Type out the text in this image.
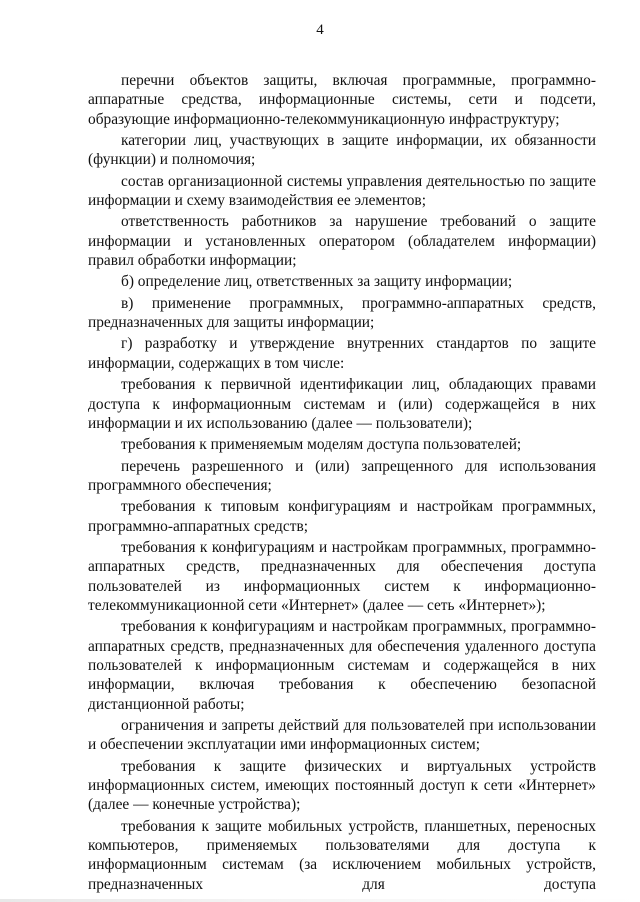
4

перечни объектов защиты, включая программные, программно-аппаратные средства, информационные системы, сети и подсети, образующие информационно-телекоммуникационную инфраструктуру;

категории лиц, участвующих в защите информации, их обязанности (функции) и полномочия;

состав организационной системы управления деятельностью по защите информации и схему взаимодействия ее элементов;

ответственность работников за нарушение требований о защите информации и установленных оператором (обладателем информации) правил обработки информации;

б) определение лиц, ответственных за защиту информации;

в) применение программных, программно-аппаратных средств, предназначенных для защиты информации;

г) разработку и утверждение внутренних стандартов по защите информации, содержащих в том числе:

требования к первичной идентификации лиц, обладающих правами доступа к информационным системам и (или) содержащейся в них информации и их использованию (далее — пользователи);

требования к применяемым моделям доступа пользователей;

перечень разрешенного и (или) запрещенного для использования программного обеспечения;

требования к типовым конфигурациям и настройкам программных, программно-аппаратных средств;

требования к конфигурациям и настройкам программных, программно-аппаратных средств, предназначенных для обеспечения доступа пользователей из информационных систем к информационно-телекоммуникационной сети «Интернет» (далее — сеть «Интернет»);

требования к конфигурациям и настройкам программных, программно-аппаратных средств, предназначенных для обеспечения удаленного доступа пользователей к информационным системам и содержащейся в них информации, включая требования к обеспечению безопасной дистанционной работы;

ограничения и запреты действий для пользователей при использовании и обеспечении эксплуатации ими информационных систем;

требования к защите физических и виртуальных устройств информационных систем, имеющих постоянный доступ к сети «Интернет» (далее — конечные устройства);

требования к защите мобильных устройств, планшетных, переносных компьютеров, применяемых пользователями для доступа к информационным системам (за исключением мобильных устройств, предназначенных для доступа
